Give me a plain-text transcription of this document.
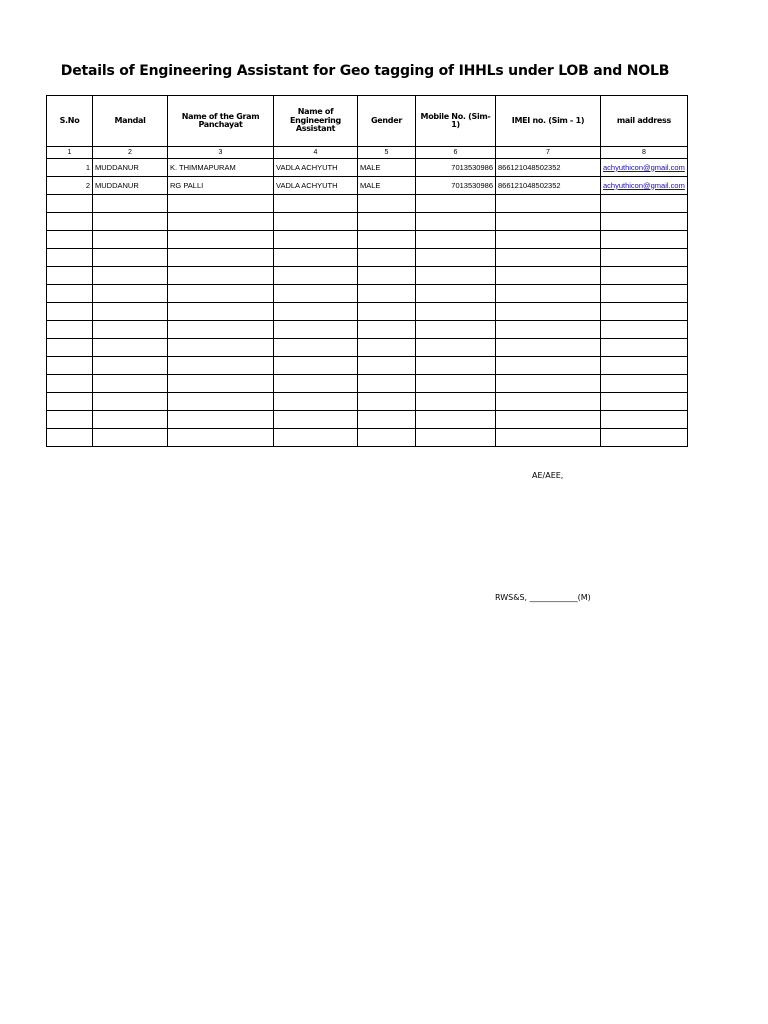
Details of Engineering Assistant for Geo tagging of IHHLs under LOB and NOLB
S.No	Mandal	Name of the Gram Panchayat	Name of Engineering Assistant	Gender	Mobile No. (Sim-1)	IMEI no. (Sim - 1)	mail address
1	2	3	4	5	6	7	8
1	MUDDANUR	K. THIMMAPURAM	VADLA ACHYUTH	MALE	7013530986	866121048502352	achyuthicon@gmail.com
2	MUDDANUR	RG PALLI	VADLA ACHYUTH	MALE	7013530986	866121048502352	achyuthicon@gmail.com

AE/AEE,
RWS&S, ____________(M)
